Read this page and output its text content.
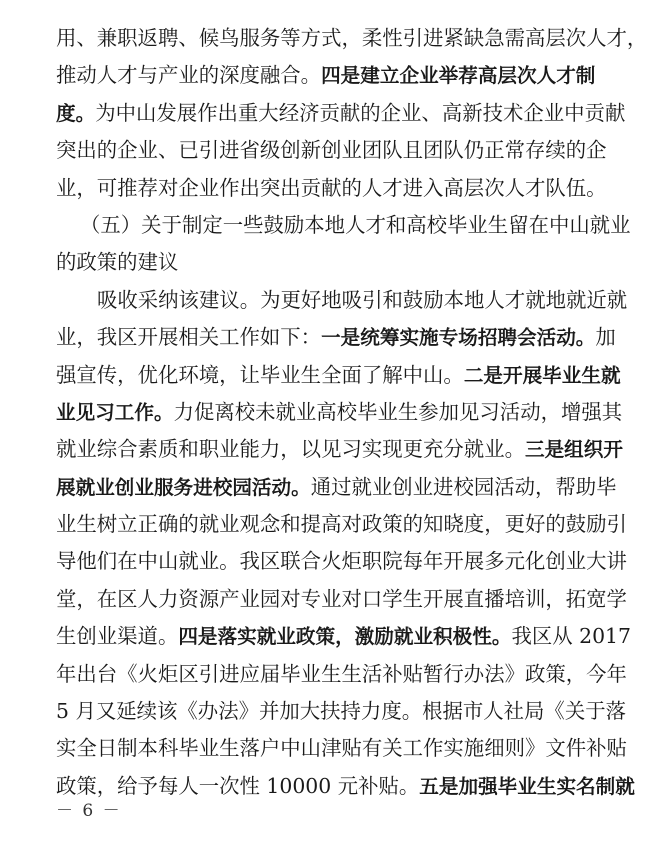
用、兼职返聘、候鸟服务等方式，柔性引进紧缺急需高层次人才，
推动人才与产业的深度融合。四是建立企业举荐高层次人才制
度。为中山发展作出重大经济贡献的企业、高新技术企业中贡献
突出的企业、已引进省级创新创业团队且团队仍正常存续的企
业，可推荐对企业作出突出贡献的人才进入高层次人才队伍。
（五）关于制定一些鼓励本地人才和高校毕业生留在中山就业
的政策的建议
吸收采纳该建议。为更好地吸引和鼓励本地人才就地就近就
业，我区开展相关工作如下：一是统筹实施专场招聘会活动。加
强宣传，优化环境，让毕业生全面了解中山。二是开展毕业生就
业见习工作。力促离校未就业高校毕业生参加见习活动，增强其
就业综合素质和职业能力，以见习实现更充分就业。三是组织开
展就业创业服务进校园活动。通过就业创业进校园活动，帮助毕
业生树立正确的就业观念和提高对政策的知晓度，更好的鼓励引
导他们在中山就业。我区联合火炬职院每年开展多元化创业大讲
堂，在区人力资源产业园对专业对口学生开展直播培训，拓宽学
生创业渠道。四是落实就业政策，激励就业积极性。我区从 2017
年出台《火炬区引进应届毕业生生活补贴暂行办法》政策，今年
5 月又延续该《办法》并加大扶持力度。根据市人社局《关于落
实全日制本科毕业生落户中山津贴有关工作实施细则》文件补贴
政策，给予每人一次性 10000 元补贴。五是加强毕业生实名制就
－ 6 －
